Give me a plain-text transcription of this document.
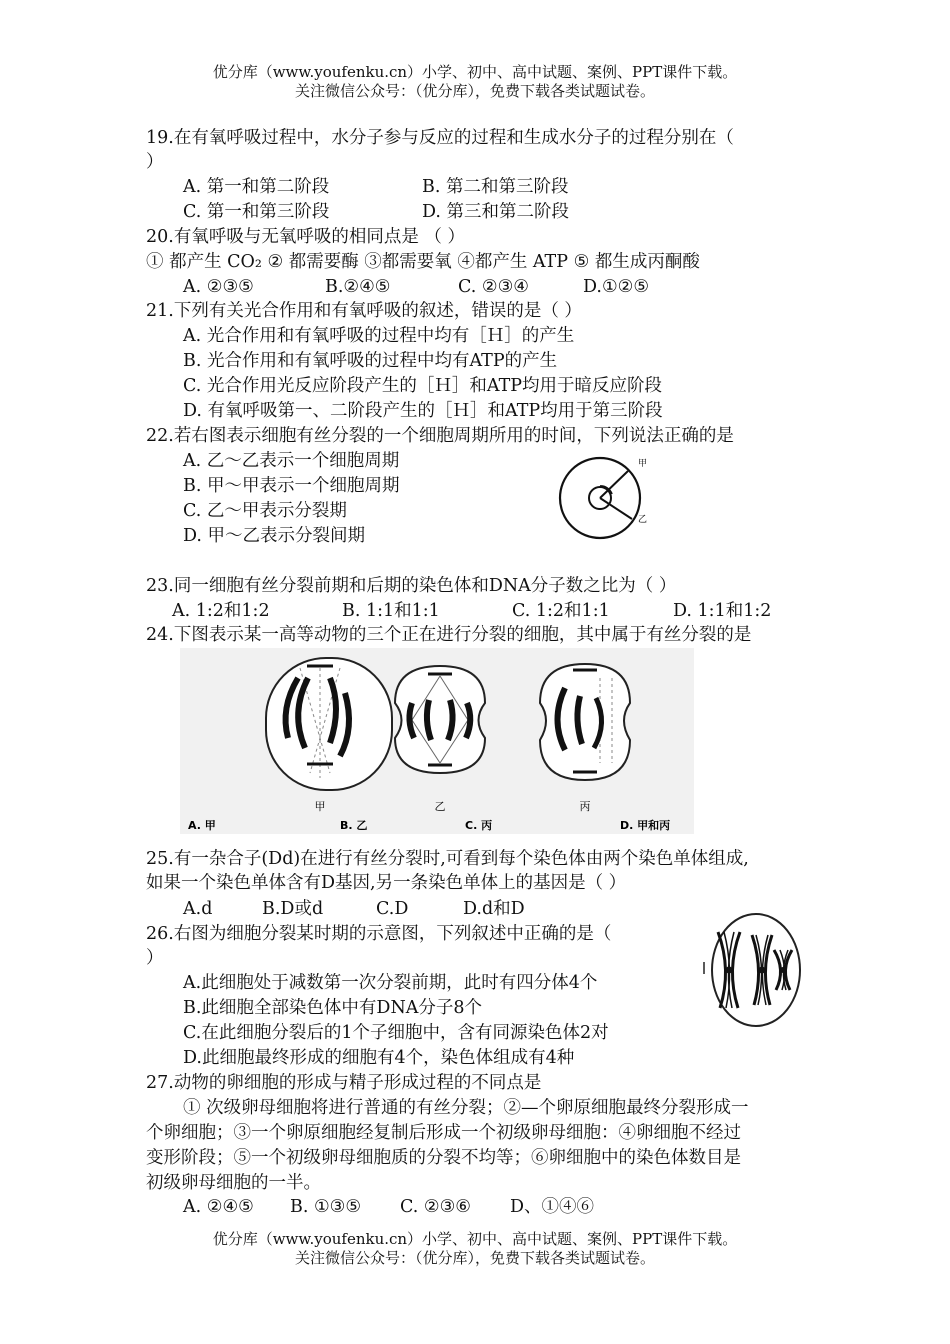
优分库（www.youfenku.cn）小学、初中、高中试题、案例、PPT课件下载。
关注微信公众号：（优分库），免费下载各类试题试卷。
19.在有氧呼吸过程中，水分子参与反应的过程和生成水分子的过程分别在（
）
A. 第一和第二阶段	B. 第二和第三阶段
C. 第一和第三阶段	D. 第三和第二阶段
20.有氧呼吸与无氧呼吸的相同点是 （ ）
① 都产生 CO₂ ② 都需要酶 ③都需要氧 ④都产生 ATP ⑤ 都生成丙酮酸
A. ②③⑤	B.②④⑤	C. ②③④	D.①②⑤
21.下列有关光合作用和有氧呼吸的叙述，错误的是（ ）
A. 光合作用和有氧呼吸的过程中均有［Ｈ］的产生
B. 光合作用和有氧呼吸的过程中均有ATP的产生
C. 光合作用光反应阶段产生的［Ｈ］和ATP均用于暗反应阶段
D. 有氧呼吸第一、二阶段产生的［Ｈ］和ATP均用于第三阶段
22.若右图表示细胞有丝分裂的一个细胞周期所用的时间，下列说法正确的是
A. 乙～乙表示一个细胞周期
B. 甲～甲表示一个细胞周期
C. 乙～甲表示分裂期
D. 甲～乙表示分裂间期
甲
乙
23.同一细胞有丝分裂前期和后期的染色体和DNA分子数之比为（ ）
A. 1:2和1:2	B. 1:1和1:1	C. 1:2和1:1	D. 1:1和1:2
24.下图表示某一高等动物的三个正在进行分裂的细胞，其中属于有丝分裂的是
甲	乙	丙
A. 甲	B. 乙	C. 丙	D. 甲和丙
25.有一杂合子(Dd)在进行有丝分裂时,可看到每个染色体由两个染色单体组成,
如果一个染色单体含有D基因,另一条染色单体上的基因是（ ）
A.d	B.D或d	C.D	D.d和D
26.右图为细胞分裂某时期的示意图，下列叙述中正确的是（
）
A.此细胞处于减数第一次分裂前期，此时有四分体4个
B.此细胞全部染色体中有DNA分子8个
C.在此细胞分裂后的1个子细胞中，含有同源染色体2对
D.此细胞最终形成的细胞有4个，染色体组成有4种
27.动物的卵细胞的形成与精子形成过程的不同点是
① 次级卵母细胞将进行普通的有丝分裂；②—个卵原细胞最终分裂形成一
个卵细胞；③一个卵原细胞经复制后形成一个初级卵母细胞：④卵细胞不经过
变形阶段；⑤一个初级卵母细胞质的分裂不均等；⑥卵细胞中的染色体数目是
初级卵母细胞的一半。
A. ②④⑤ B. ①③⑤ C. ②③⑥ D、①④⑥
优分库（www.youfenku.cn）小学、初中、高中试题、案例、PPT课件下载。
关注微信公众号：（优分库），免费下载各类试题试卷。
